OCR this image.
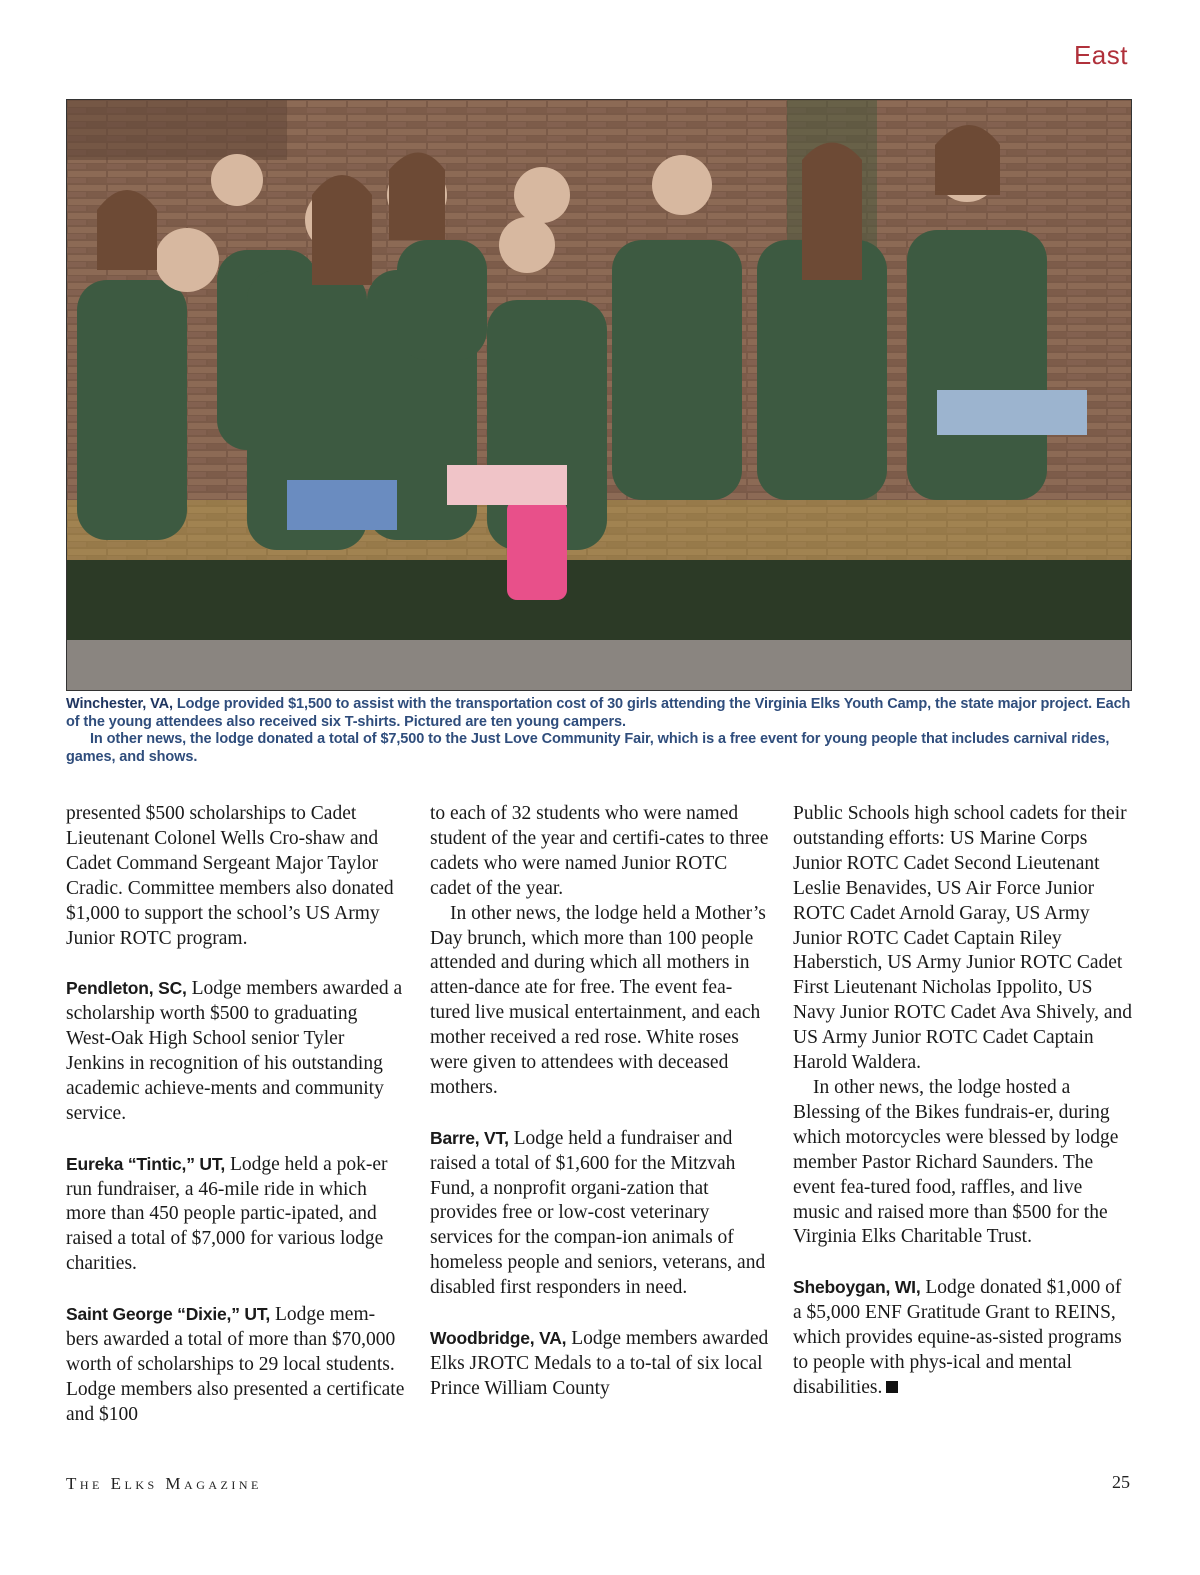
East

Winchester, VA, Lodge provided $1,500 to assist with the transportation cost of 30 girls attending the Virginia Elks Youth Camp, the state major project. Each of the young attendees also received six T-shirts. Pictured are ten young campers.

In other news, the lodge donated a total of $7,500 to the Just Love Community Fair, which is a free event for young people that includes carnival rides, games, and shows.

presented $500 scholarships to Cadet Lieutenant Colonel Wells Cro-shaw and Cadet Command Sergeant Major Taylor Cradic. Committee members also donated $1,000 to support the school’s US Army Junior ROTC program.

Pendleton, SC, Lodge members awarded a scholarship worth $500 to graduating West-Oak High School senior Tyler Jenkins in recognition of his outstanding academic achieve-ments and community service.

Eureka “Tintic,” UT, Lodge held a pok-er run fundraiser, a 46-mile ride in which more than 450 people partic-ipated, and raised a total of $7,000 for various lodge charities.

Saint George “Dixie,” UT, Lodge mem-bers awarded a total of more than $70,000 worth of scholarships to 29 local students. Lodge members also presented a certificate and $100

to each of 32 students who were named student of the year and certifi-cates to three cadets who were named Junior ROTC cadet of the year.

In other news, the lodge held a Mother’s Day brunch, which more than 100 people attended and during which all mothers in atten-dance ate for free. The event fea-tured live musical entertainment, and each mother received a red rose. White roses were given to attendees with deceased mothers.

Barre, VT, Lodge held a fundraiser and raised a total of $1,600 for the Mitzvah Fund, a nonprofit organi-zation that provides free or low-cost veterinary services for the compan-ion animals of homeless people and seniors, veterans, and disabled first responders in need.

Woodbridge, VA, Lodge members awarded Elks JROTC Medals to a to-tal of six local Prince William County

Public Schools high school cadets for their outstanding efforts: US Marine Corps Junior ROTC Cadet Second Lieutenant Leslie Benavides, US Air Force Junior ROTC Cadet Arnold Garay, US Army Junior ROTC Cadet Captain Riley Haberstich, US Army Junior ROTC Cadet First Lieutenant Nicholas Ippolito, US Navy Junior ROTC Cadet Ava Shively, and US Army Junior ROTC Cadet Captain Harold Waldera.

In other news, the lodge hosted a Blessing of the Bikes fundrais-er, during which motorcycles were blessed by lodge member Pastor Richard Saunders. The event fea-tured food, raffles, and live music and raised more than $500 for the Virginia Elks Charitable Trust.

Sheboygan, WI, Lodge donated $1,000 of a $5,000 ENF Gratitude Grant to REINS, which provides equine-as-sisted programs to people with phys-ical and mental disabilities.

The Elks Magazine	25
